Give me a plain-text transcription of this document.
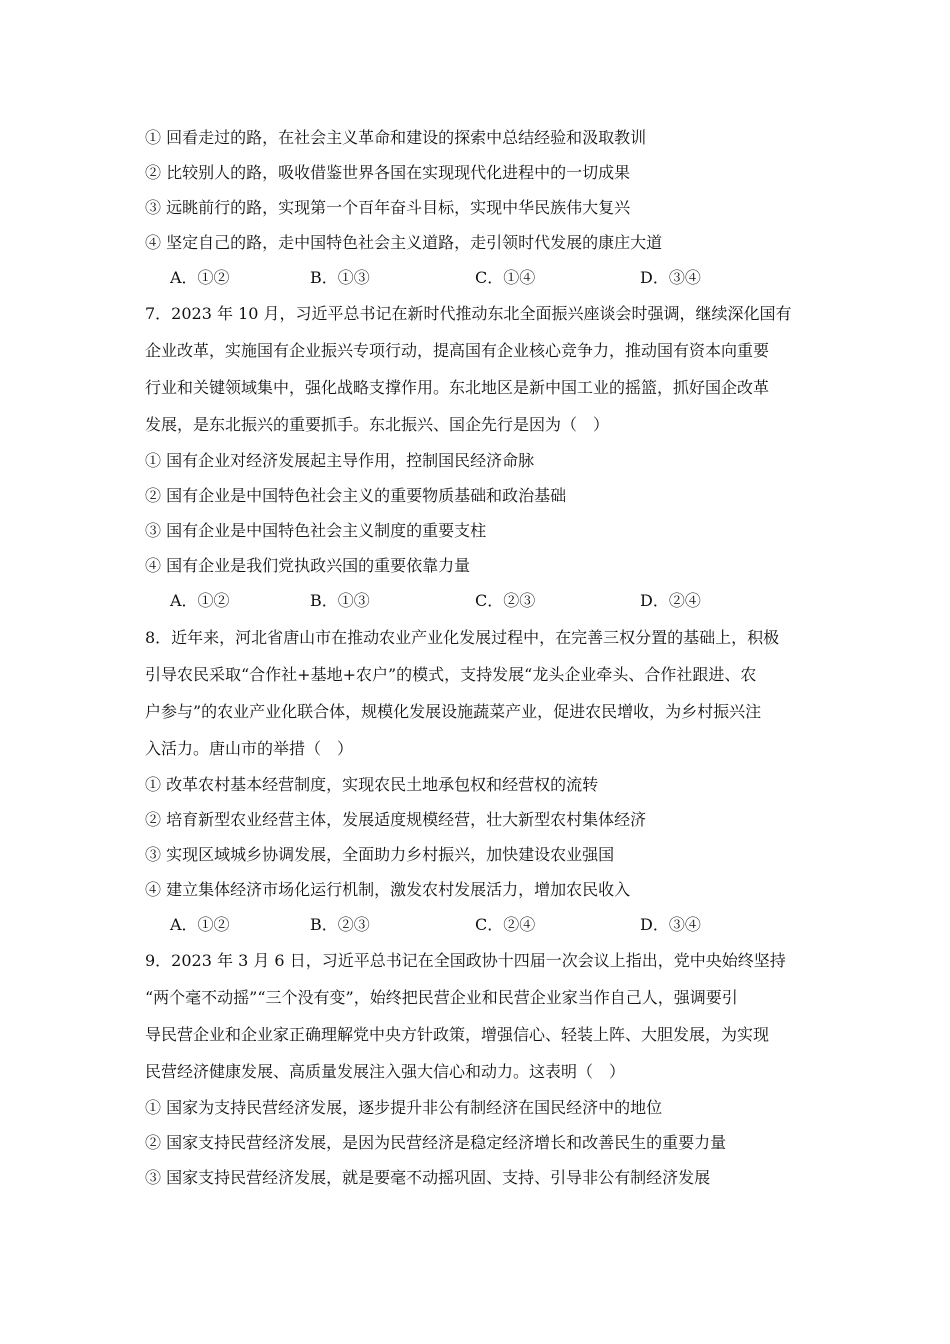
① 回看走过的路，在社会主义革命和建设的探索中总结经验和汲取教训
② 比较别人的路，吸收借鉴世界各国在实现现代化进程中的一切成果
③ 远眺前行的路，实现第一个百年奋斗目标，实现中华民族伟大复兴
④ 坚定自己的路，走中国特色社会主义道路，走引领时代发展的康庄大道
A．①②	B．①③	C．①④	D．③④
7．2023 年 10 月，习近平总书记在新时代推动东北全面振兴座谈会时强调，继续深化国有
企业改革，实施国有企业振兴专项行动，提高国有企业核心竞争力，推动国有资本向重要
行业和关键领域集中，强化战略支撑作用。东北地区是新中国工业的摇篮，抓好国企改革
发展，是东北振兴的重要抓手。东北振兴、国企先行是因为（　）
① 国有企业对经济发展起主导作用，控制国民经济命脉
② 国有企业是中国特色社会主义的重要物质基础和政治基础
③ 国有企业是中国特色社会主义制度的重要支柱
④ 国有企业是我们党执政兴国的重要依靠力量
A．①②	B．①③	C．②③	D．②④
8．近年来，河北省唐山市在推动农业产业化发展过程中，在完善三权分置的基础上，积极
引导农民采取“合作社+基地+农户”的模式，支持发展“龙头企业牵头、合作社跟进、农
户参与”的农业产业化联合体，规模化发展设施蔬菜产业，促进农民增收，为乡村振兴注
入活力。唐山市的举措（　）
① 改革农村基本经营制度，实现农民土地承包权和经营权的流转
② 培育新型农业经营主体，发展适度规模经营，壮大新型农村集体经济
③ 实现区域城乡协调发展，全面助力乡村振兴，加快建设农业强国
④ 建立集体经济市场化运行机制，激发农村发展活力，增加农民收入
A．①②	B．②③	C．②④	D．③④
9．2023 年 3 月 6 日，习近平总书记在全国政协十四届一次会议上指出，党中央始终坚持
“两个毫不动摇”“三个没有变”，始终把民营企业和民营企业家当作自己人，强调要引
导民营企业和企业家正确理解党中央方针政策，增强信心、轻装上阵、大胆发展，为实现
民营经济健康发展、高质量发展注入强大信心和动力。这表明（　）
① 国家为支持民营经济发展，逐步提升非公有制经济在国民经济中的地位
② 国家支持民营经济发展，是因为民营经济是稳定经济增长和改善民生的重要力量
③ 国家支持民营经济发展，就是要毫不动摇巩固、支持、引导非公有制经济发展
